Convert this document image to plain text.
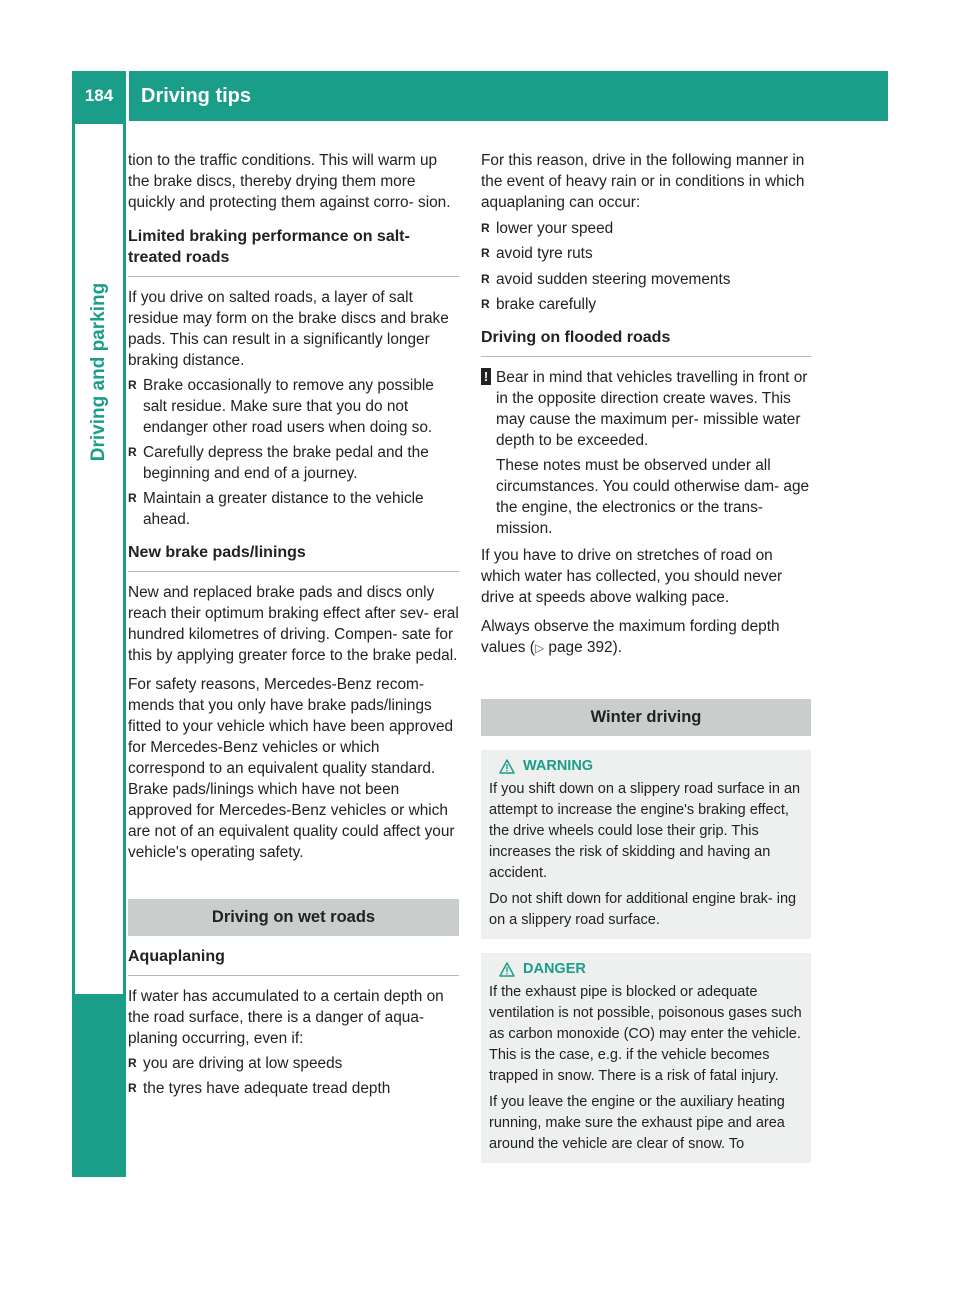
184	Driving tips
Driving and parking

tion to the traffic conditions. This will warm up the brake discs, thereby drying them more quickly and protecting them against corro- sion.

Limited braking performance on salt- treated roads

If you drive on salted roads, a layer of salt residue may form on the brake discs and brake pads. This can result in a significantly longer braking distance.

R Brake occasionally to remove any possible salt residue. Make sure that you do not endanger other road users when doing so.
R Carefully depress the brake pedal and the beginning and end of a journey.
R Maintain a greater distance to the vehicle ahead.
New brake pads/linings

New and replaced brake pads and discs only reach their optimum braking effect after sev- eral hundred kilometres of driving. Compen- sate for this by applying greater force to the brake pedal.

For safety reasons, Mercedes-Benz recom- mends that you only have brake pads/linings fitted to your vehicle which have been approved for Mercedes-Benz vehicles or which correspond to an equivalent quality standard. Brake pads/linings which have not been approved for Mercedes-Benz vehicles or which are not of an equivalent quality could affect your vehicle's operating safety.

Driving on wet roads
Aquaplaning

If water has accumulated to a certain depth on the road surface, there is a danger of aqua- planing occurring, even if:

R you are driving at low speeds
R the tyres have adequate tread depth

For this reason, drive in the following manner in the event of heavy rain or in conditions in which aquaplaning can occur:

R lower your speed
R avoid tyre ruts
R avoid sudden steering movements
R brake carefully
Driving on flooded roads
! Bear in mind that vehicles travelling in front or in the opposite direction create waves. This may cause the maximum per- missible water depth to be exceeded.

These notes must be observed under all circumstances. You could otherwise dam- age the engine, the electronics or the trans- mission.

If you have to drive on stretches of road on which water has collected, you should never drive at speeds above walking pace.

Always observe the maximum fording depth values (▷ page 392).

Winter driving
WARNING

If you shift down on a slippery road surface in an attempt to increase the engine's braking effect, the drive wheels could lose their grip. This increases the risk of skidding and having an accident.

Do not shift down for additional engine brak- ing on a slippery road surface.

DANGER

If the exhaust pipe is blocked or adequate ventilation is not possible, poisonous gases such as carbon monoxide (CO) may enter the vehicle. This is the case, e.g. if the vehicle becomes trapped in snow. There is a risk of fatal injury.

If you leave the engine or the auxiliary heating running, make sure the exhaust pipe and area around the vehicle are clear of snow. To
